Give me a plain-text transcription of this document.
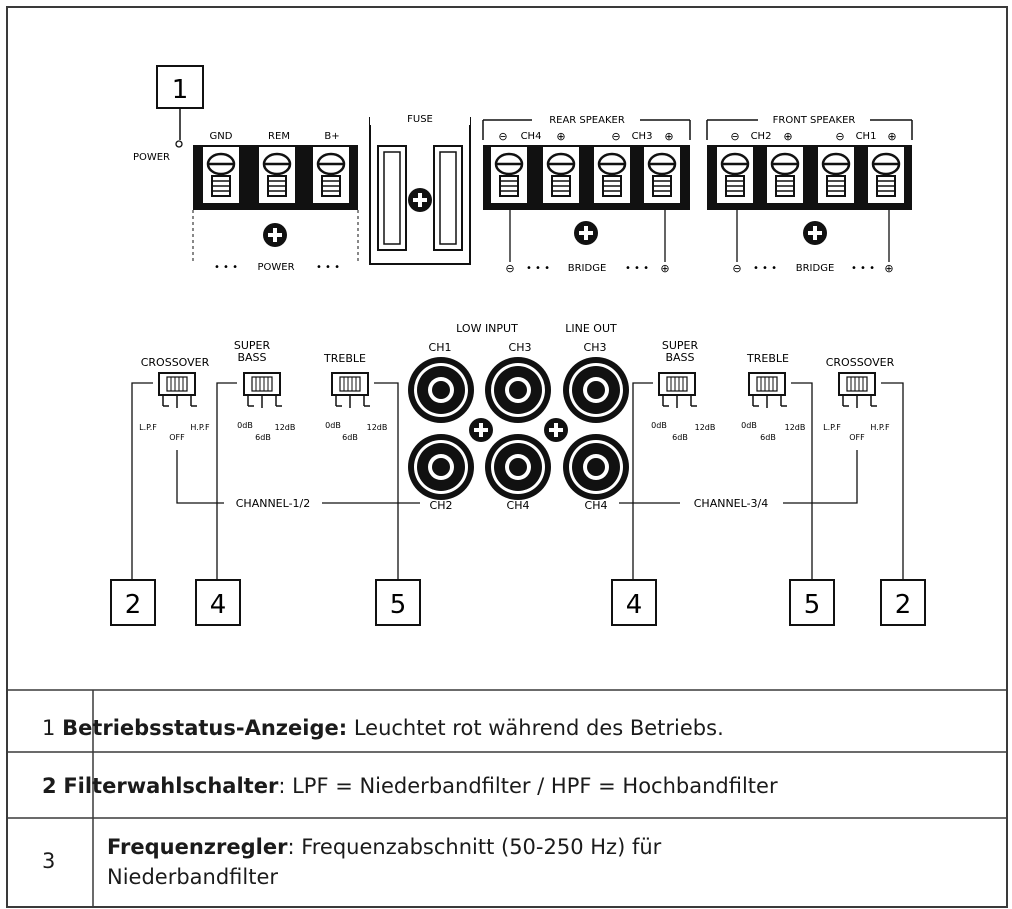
1
POWER
GND	REM	B+
POWER
• • •	• • •
FUSE	REAR SPEAKER
⊖ CH4 ⊕	⊖ CH3 ⊕
⊖	⊕
• • • BRIDGE • • •
FRONT SPEAKER
⊖ CH2 ⊕	⊖ CH1 ⊕
⊖	⊕
• • • BRIDGE • • •
CROSSOVER
L.P.F	H.P.F
OFF
SUPER
BASS
0dB	12dB
6dB
TREBLE
0dB	12dB
6dB
LOW INPUT	LINE OUT
CH1	CH3	CH3
CH2	CH4	CH4
SUPER
BASS
0dB	12dB
6dB
TREBLE
0dB	12dB
6dB
CROSSOVER
L.P.F	H.P.F
OFF
CHANNEL-1/2	CHANNEL-3/4
2	4	5	4	5	2
1 Betriebsstatus-Anzeige: Leuchtet rot während des Betriebs.
2 Filterwahlschalter: LPF = Niederbandfilter / HPF = Hochbandfilter
3
Frequenzregler: Frequenzabschnitt (50-250 Hz) für
Niederbandfilter
